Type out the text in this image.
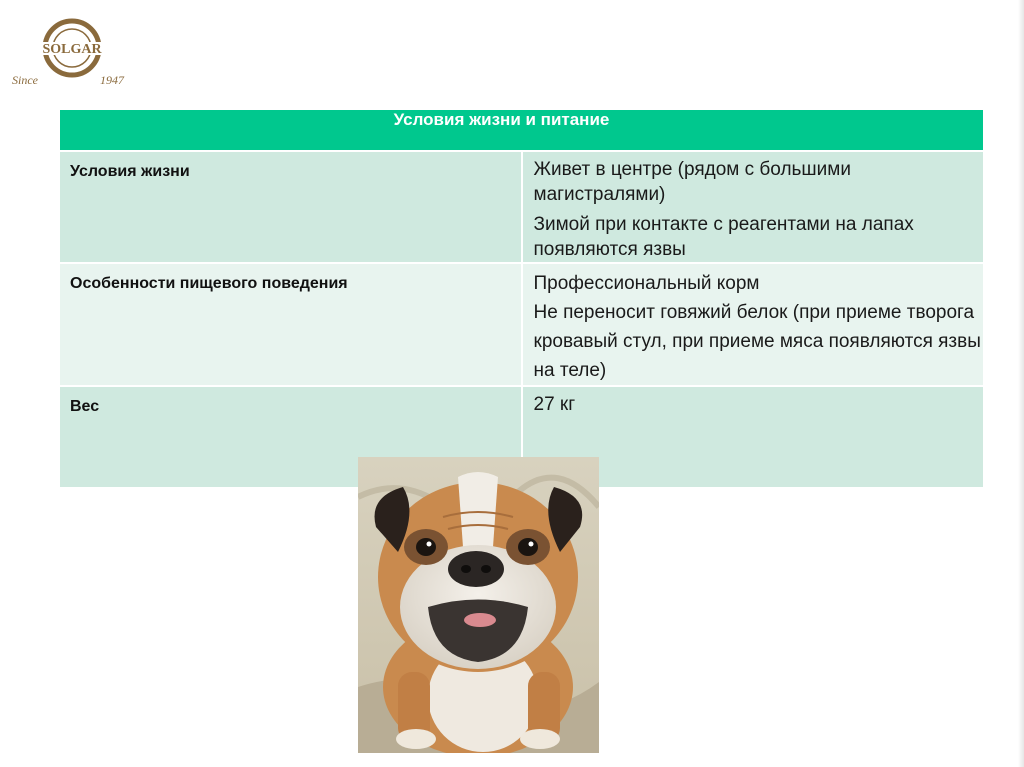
SOLGAR
Since	1947
Условия жизни и питание	

Условия жизни	Живет в центре (рядом с большими магистралями)

Зимой при контакте с реагентами на лапах появляются язвы

Особенности пищевого поведения	Профессиональный корм

Не переносит говяжий белок (при приеме творога кровавый стул, при приеме мяса появляются язвы на теле)

Вес	27 кг
